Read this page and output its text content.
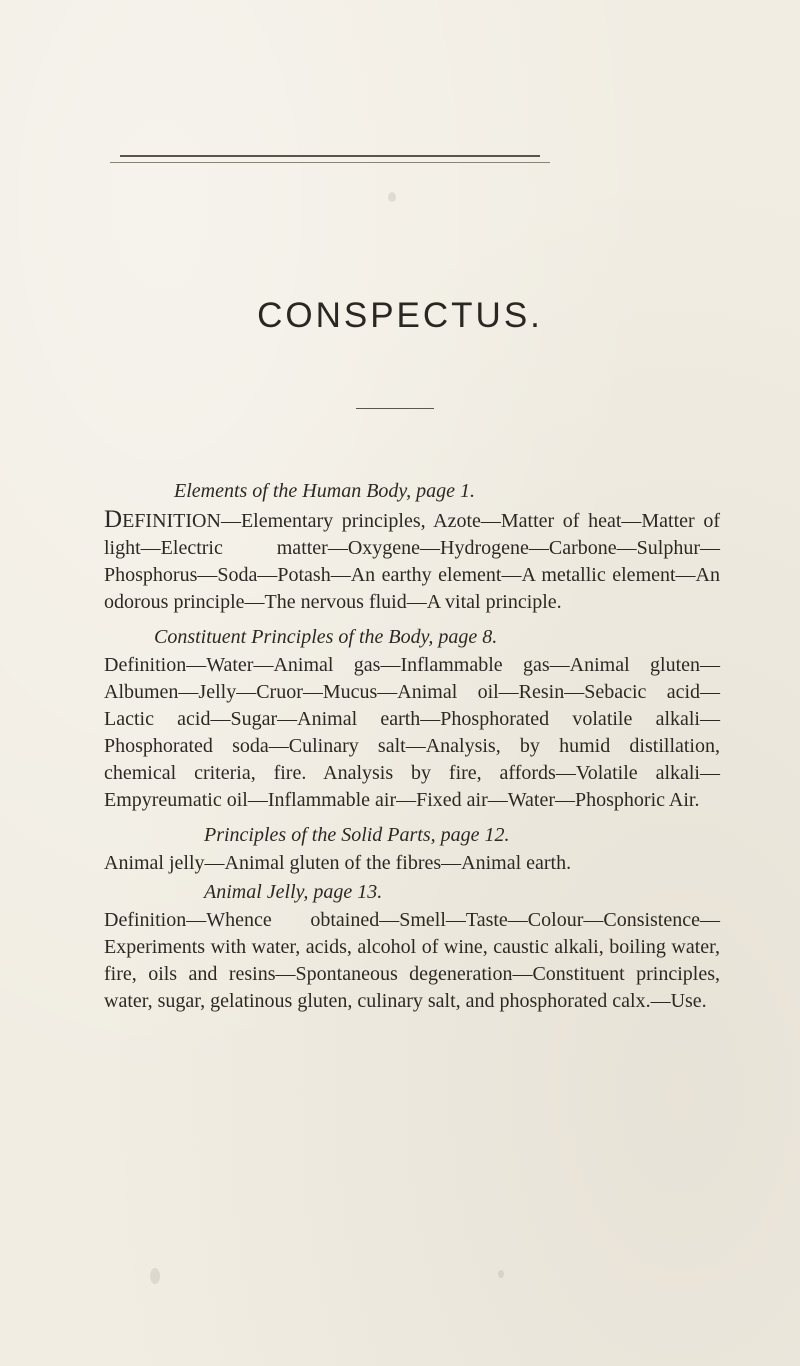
CONSPECTUS.

Elements of the Human Body, page 1.

DEFINITION—Elementary principles, Azote—Matter of heat—Matter of light—Electric matter—Oxygene—Hydrogene—Carbone—Sulphur—Phosphorus—Soda—Potash—An earthy element—A metallic element—An odorous principle—The nervous fluid—A vital principle.

Constituent Principles of the Body, page 8.

Definition—Water—Animal gas—Inflammable gas—Animal gluten—Albumen—Jelly—Cruor—Mucus—Animal oil—Resin—Sebacic acid—Lactic acid—Sugar—Animal earth—Phosphorated volatile alkali—Phosphorated soda—Culinary salt—Analysis, by humid distillation, chemical criteria, fire. Analysis by fire, affords—Volatile alkali—Empyreumatic oil—Inflammable air—Fixed air—Water—Phosphoric Air.

Principles of the Solid Parts, page 12.

Animal jelly—Animal gluten of the fibres—Animal earth.

Animal Jelly, page 13.

Definition—Whence obtained—Smell—Taste—Colour—Consistence—Experiments with water, acids, alcohol of wine, caustic alkali, boiling water, fire, oils and resins—Spontaneous degeneration—Constituent principles, water, sugar, gelatinous gluten, culinary salt, and phosphorated calx.—Use.
